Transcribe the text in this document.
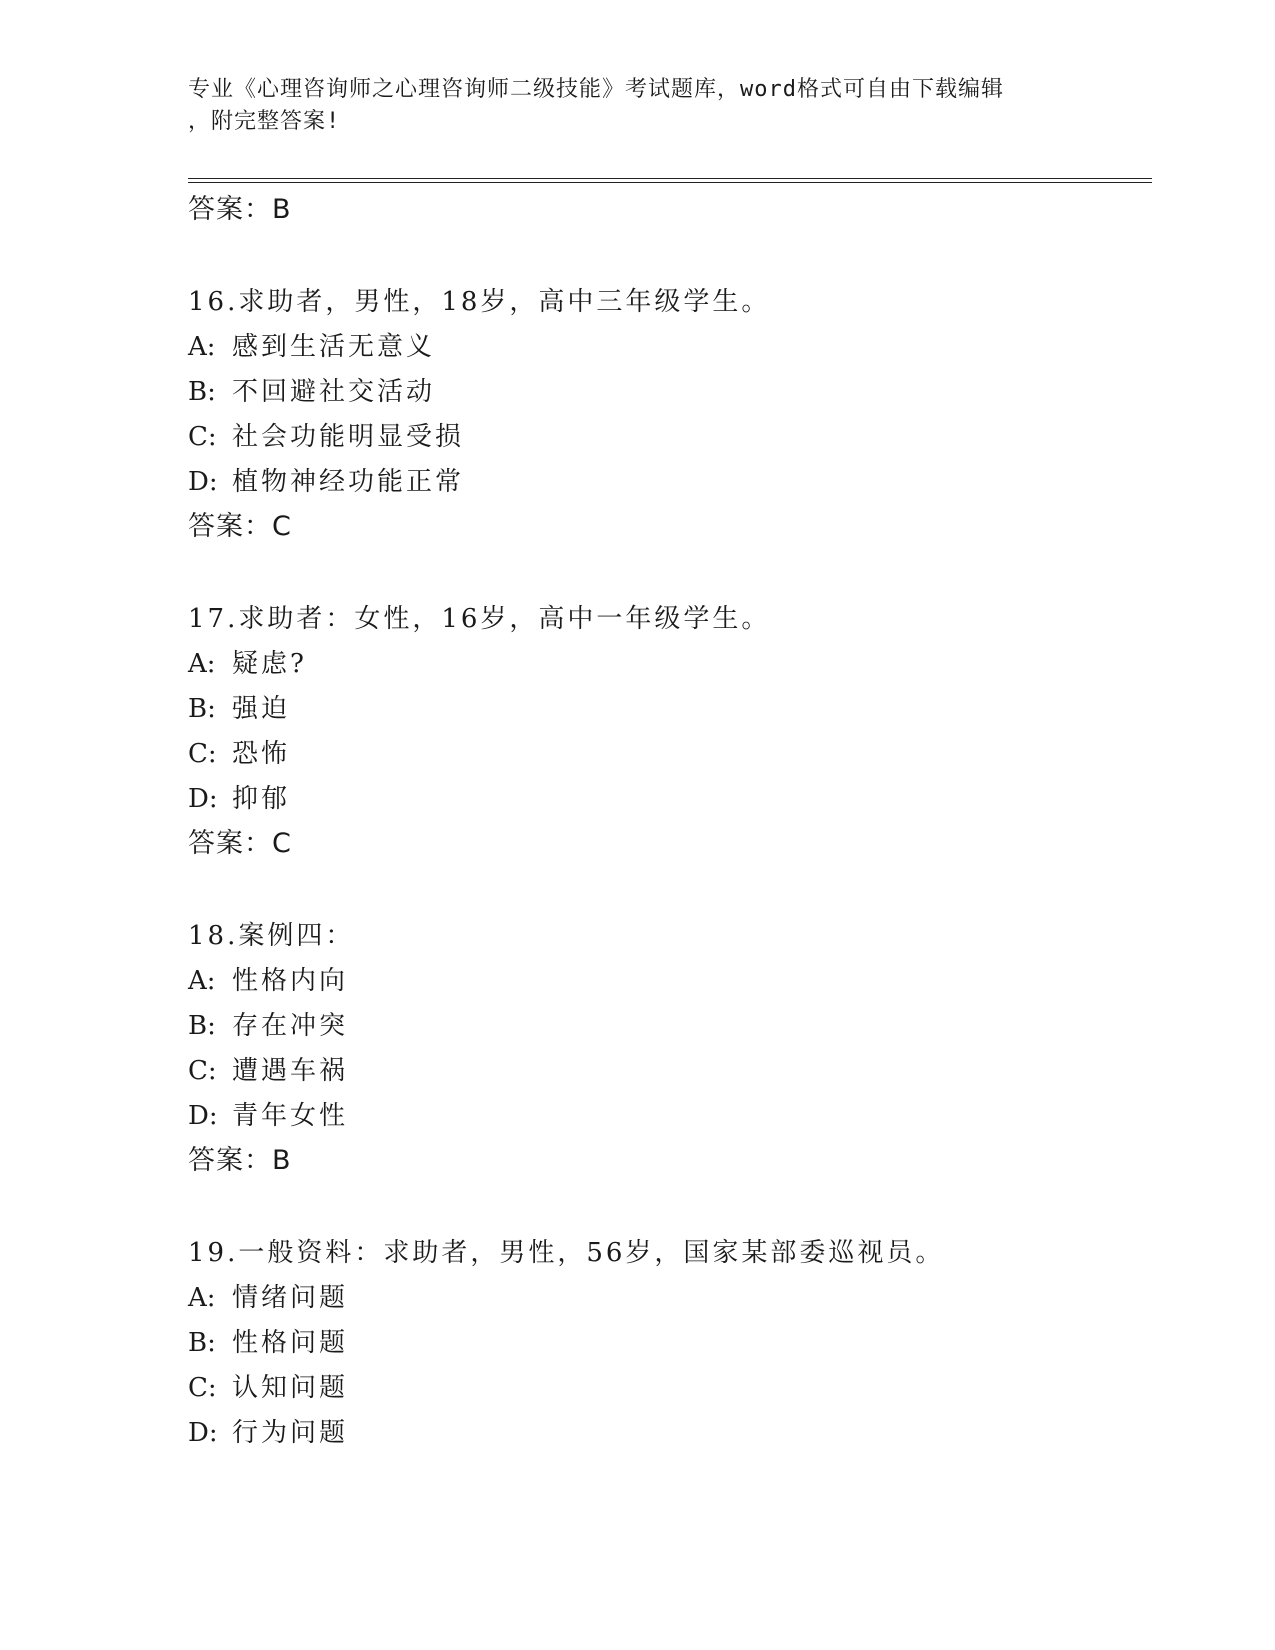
专业《心理咨询师之心理咨询师二级技能》考试题库，word格式可自由下载编辑
，附完整答案!
答案：B
16.求助者，男性，18岁，高中三年级学生。
A: 感到生活无意义
B: 不回避社交活动
C: 社会功能明显受损
D: 植物神经功能正常
答案：C
17.求助者：女性，16岁，高中一年级学生。
A: 疑虑?
B: 强迫
C: 恐怖
D: 抑郁
答案：C
18.案例四：
A: 性格内向
B: 存在冲突
C: 遭遇车祸
D: 青年女性
答案：B
19.一般资料：求助者，男性，56岁，国家某部委巡视员。
A: 情绪问题
B: 性格问题
C: 认知问题
D: 行为问题
